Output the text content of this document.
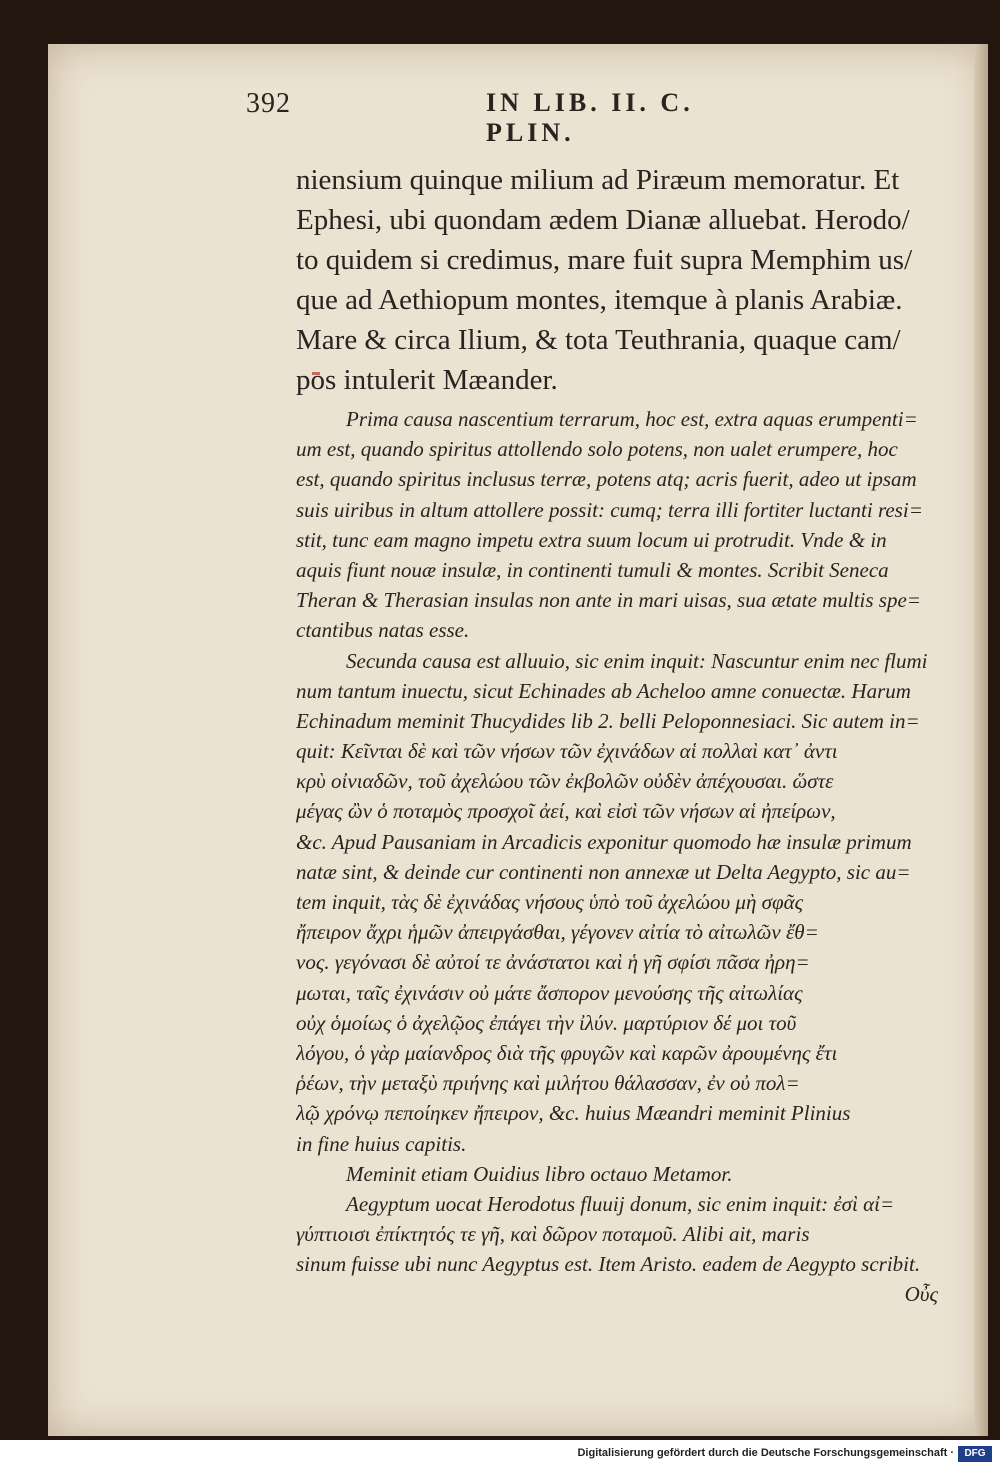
392	IN LIB. II. C. PLIN.
niensium quinque milium ad Piræum memoratur. Et
Ephesi, ubi quondam ædem Dianæ alluebat. Herodo/
to quidem si credimus, mare fuit supra Memphim us/
que ad Aethiopum montes, itemque à planis Arabiæ.
Mare & circa Ilium, & tota Teuthrania, quaque cam/
pos intulerit Mæander.
Prima causa nascentium terrarum, hoc est, extra aquas erumpenti=
um est, quando spiritus attollendo solo potens, non ualet erumpere, hoc
est, quando spiritus inclusus terræ, potens atq; acris fuerit, adeo ut ipsam
suis uiribus in altum attollere possit: cumq; terra illi fortiter luctanti resi=
stit, tunc eam magno impetu extra suum locum ui protrudit. Vnde & in
aquis fiunt nouæ insulæ, in continenti tumuli & montes. Scribit Seneca
Theran & Therasian insulas non ante in mari uisas, sua ætate multis spe=
ctantibus natas esse.
Secunda causa est alluuio, sic enim inquit: Nascuntur enim nec flumi
num tantum inuectu, sicut Echinades ab Acheloo amne conuectæ. Harum
Echinadum meminit Thucydides lib 2. belli Peloponnesiaci. Sic autem in=
quit: Κεῖνται δὲ καὶ τῶν νήσων τῶν ἐχινάδων αἱ πολλαὶ κατ᾽ ἀντι
κρὺ οἰνιαδῶν, τοῦ ἀχελώου τῶν ἐκβολῶν οὐδὲν ἀπέχουσαι. ὥστε
μέγας ὢν ὁ ποταμὸς προσχοῖ ἀεί, καὶ εἰσὶ τῶν νήσων αἱ ἠπείρων,
&c. Apud Pausaniam in Arcadicis exponitur quomodo hæ insulæ primum
natæ sint, & deinde cur continenti non annexæ ut Delta Aegypto, sic au=
tem inquit, τὰς δὲ ἐχινάδας νήσους ὑπὸ τοῦ ἀχελώου μὴ σφᾶς
ἤπειρον ἄχρι ἡμῶν ἀπειργάσθαι, γέγονεν αἰτία τὸ αἰτωλῶν ἔθ=
νος. γεγόνασι δὲ αὐτοί τε ἀνάστατοι καὶ ἡ γῆ σφίσι πᾶσα ἠρη=
μωται, ταῖς ἐχινάσιν οὐ μάτε ἄσπορον μενούσης τῆς αἰτωλίας
οὐχ ὁμοίως ὁ ἀχελῷος ἐπάγει τὴν ἰλύν. μαρτύριον δέ μοι τοῦ
λόγου, ὁ γὰρ μαίανδρος διὰ τῆς φρυγῶν καὶ καρῶν ἀρουμένης ἔτι
ῥέων, τὴν μεταξὺ πριήνης καὶ μιλήτου θάλασσαν, ἐν οὐ πολ=
λῷ χρόνῳ πεποίηκεν ἤπειρον, &c. huius Mæandri meminit Plinius
in fine huius capitis.
Meminit etiam Ouidius libro octauo Metamor.
Aegyptum uocat Herodotus fluuij donum, sic enim inquit: ἐσὶ αἰ=
γύπτιοισι ἐπίκτητός τε γῆ, καὶ δῶρον ποταμοῦ. Alibi ait, maris
sinum fuisse ubi nunc Aegyptus est. Item Aristo. eadem de Aegypto scribit.
Οὖς
Digitalisierung gefördert durch die Deutsche Forschungsgemeinschaft ·	DFG
